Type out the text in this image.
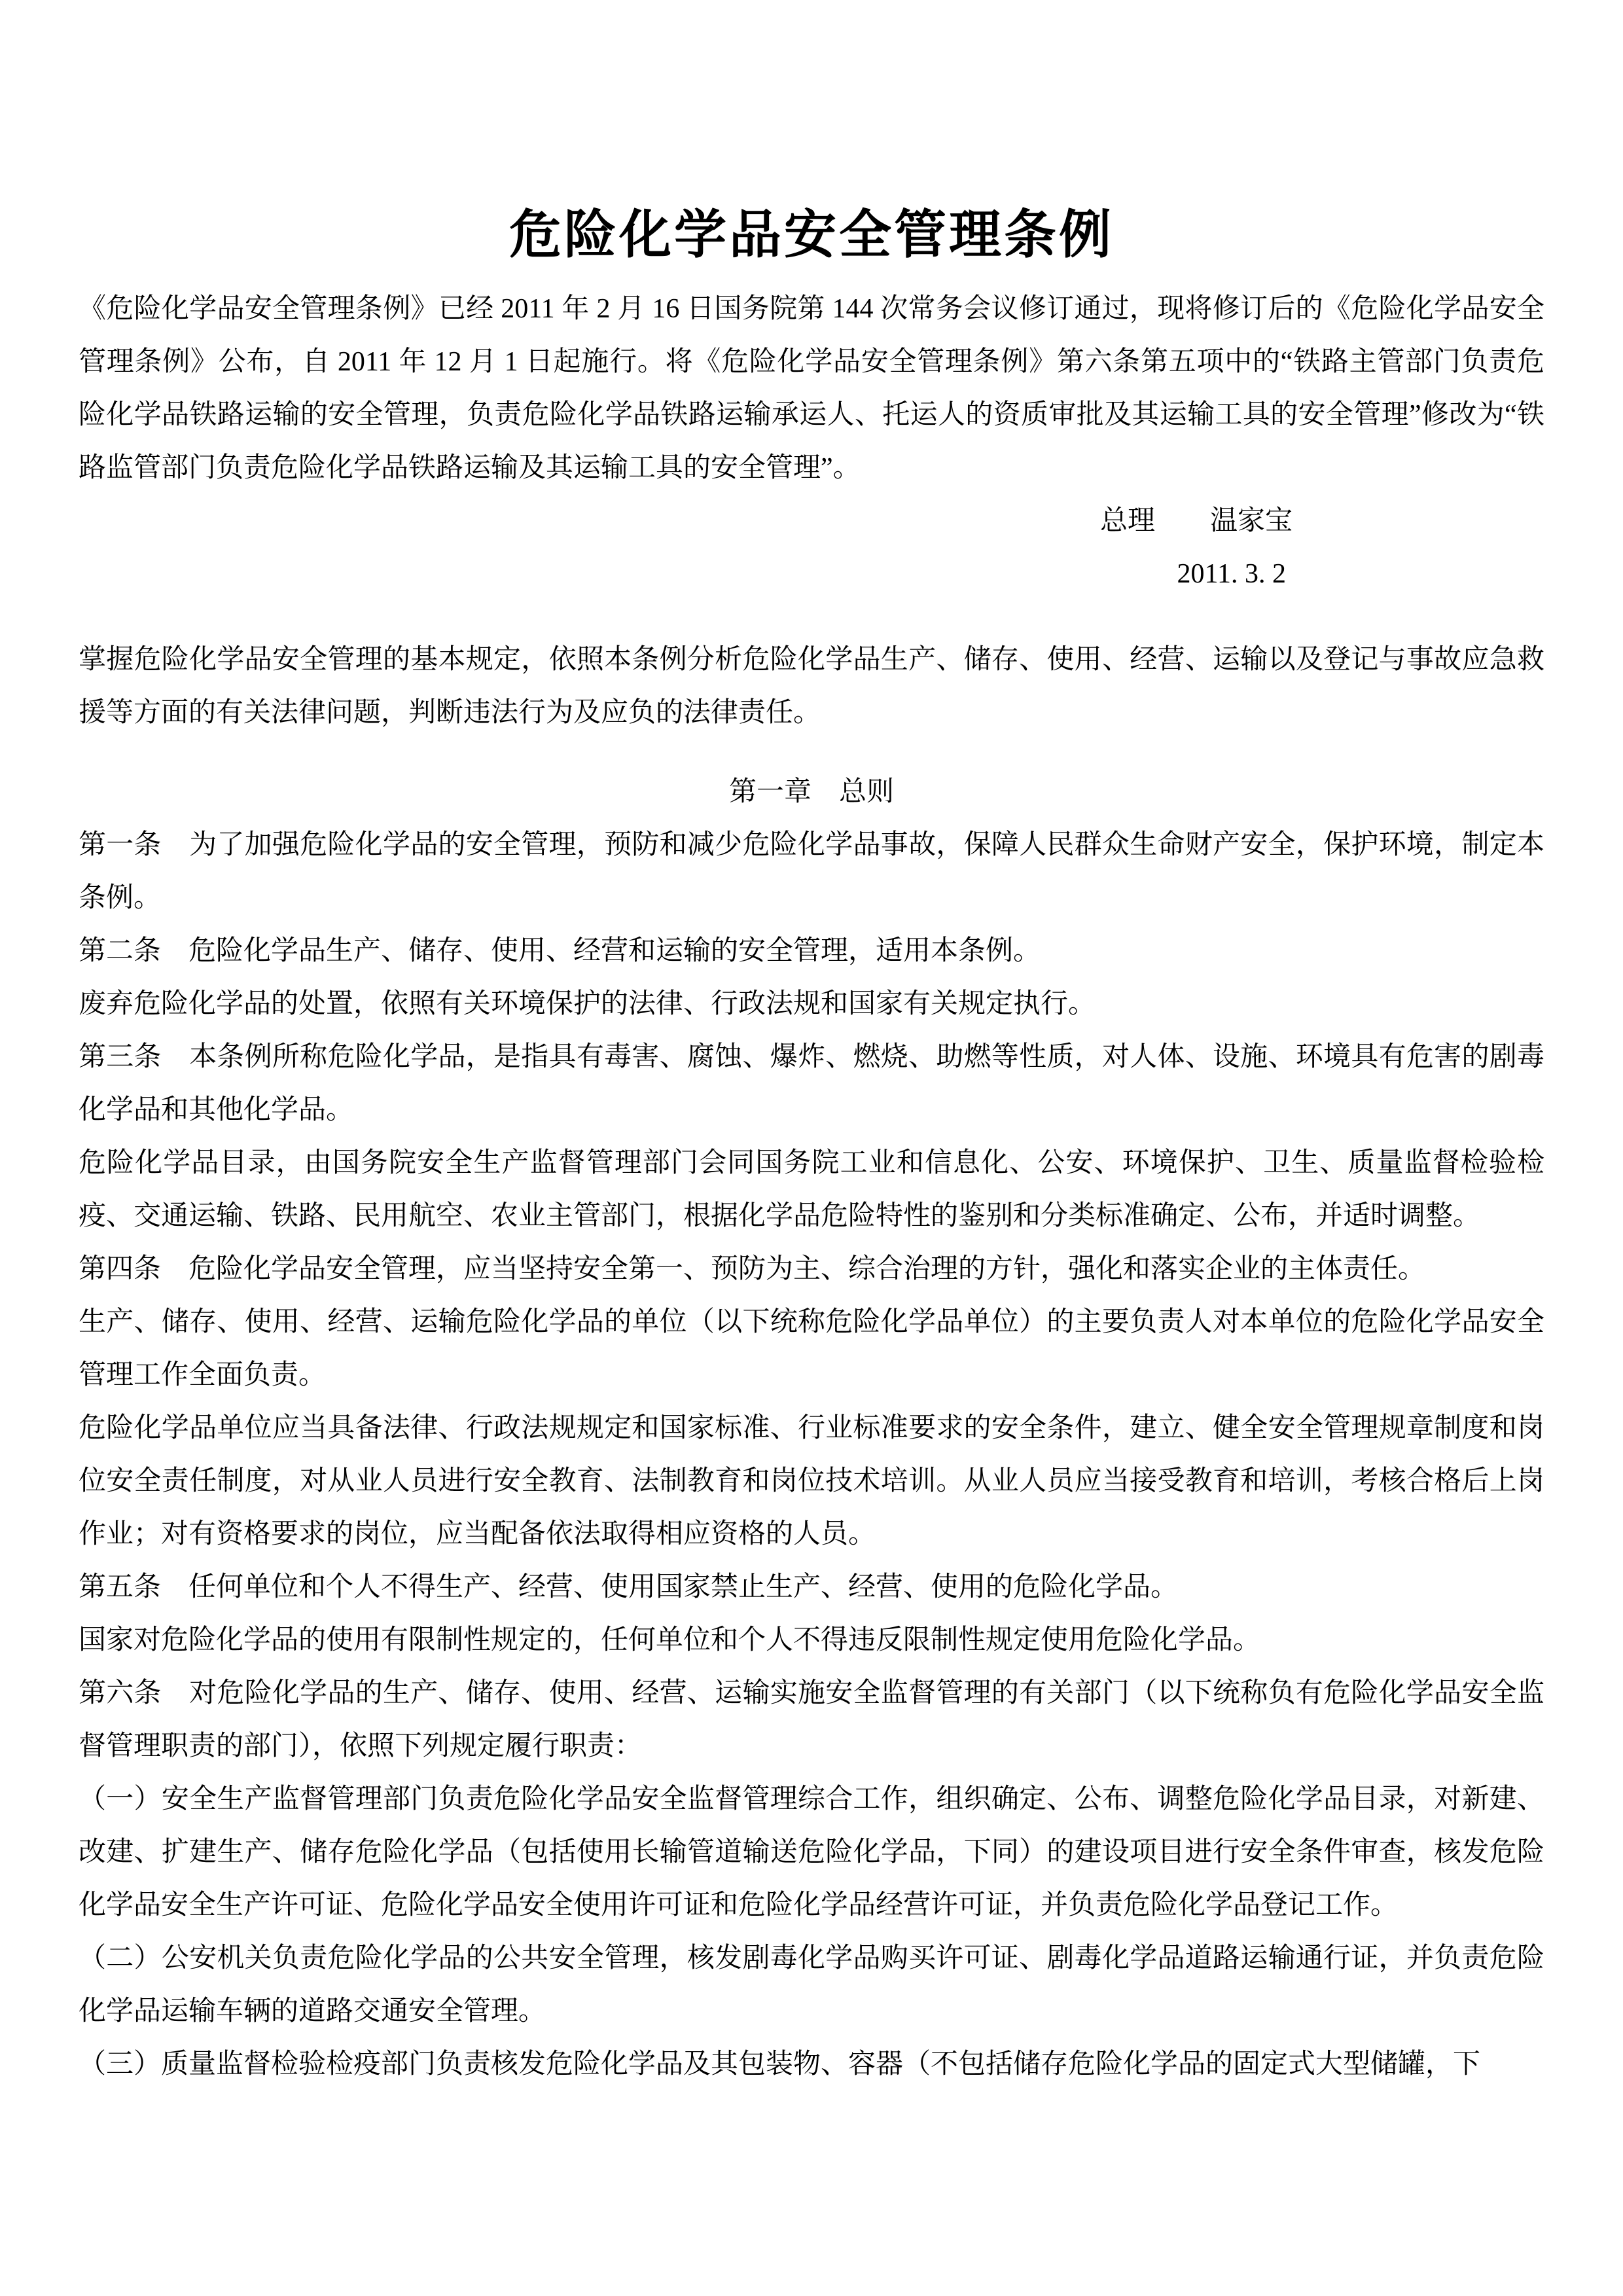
危险化学品安全管理条例

《危险化学品安全管理条例》已经 2011 年 2 月 16 日国务院第 144 次常务会议修订通过，现将修订后的《危险化学品安全管理条例》公布，自 2011 年 12 月 1 日起施行。将《危险化学品安全管理条例》第六条第五项中的“铁路主管部门负责危险化学品铁路运输的安全管理，负责危险化学品铁路运输承运人、托运人的资质审批及其运输工具的安全管理”修改为“铁路监管部门负责危险化学品铁路运输及其运输工具的安全管理”。

总理　　温家宝

2011. 3. 2

掌握危险化学品安全管理的基本规定，依照本条例分析危险化学品生产、储存、使用、经营、运输以及登记与事故应急救援等方面的有关法律问题，判断违法行为及应负的法律责任。

第一章　总则

第一条　为了加强危险化学品的安全管理，预防和减少危险化学品事故，保障人民群众生命财产安全，保护环境，制定本条例。

第二条　危险化学品生产、储存、使用、经营和运输的安全管理，适用本条例。

废弃危险化学品的处置，依照有关环境保护的法律、行政法规和国家有关规定执行。

第三条　本条例所称危险化学品，是指具有毒害、腐蚀、爆炸、燃烧、助燃等性质，对人体、设施、环境具有危害的剧毒化学品和其他化学品。

危险化学品目录，由国务院安全生产监督管理部门会同国务院工业和信息化、公安、环境保护、卫生、质量监督检验检疫、交通运输、铁路、民用航空、农业主管部门，根据化学品危险特性的鉴别和分类标准确定、公布，并适时调整。

第四条　危险化学品安全管理，应当坚持安全第一、预防为主、综合治理的方针，强化和落实企业的主体责任。

生产、储存、使用、经营、运输危险化学品的单位（以下统称危险化学品单位）的主要负责人对本单位的危险化学品安全管理工作全面负责。

危险化学品单位应当具备法律、行政法规规定和国家标准、行业标准要求的安全条件，建立、健全安全管理规章制度和岗位安全责任制度，对从业人员进行安全教育、法制教育和岗位技术培训。从业人员应当接受教育和培训，考核合格后上岗作业；对有资格要求的岗位，应当配备依法取得相应资格的人员。

第五条　任何单位和个人不得生产、经营、使用国家禁止生产、经营、使用的危险化学品。

国家对危险化学品的使用有限制性规定的，任何单位和个人不得违反限制性规定使用危险化学品。

第六条　对危险化学品的生产、储存、使用、经营、运输实施安全监督管理的有关部门（以下统称负有危险化学品安全监督管理职责的部门），依照下列规定履行职责：

（一）安全生产监督管理部门负责危险化学品安全监督管理综合工作，组织确定、公布、调整危险化学品目录，对新建、改建、扩建生产、储存危险化学品（包括使用长输管道输送危险化学品，下同）的建设项目进行安全条件审查，核发危险化学品安全生产许可证、危险化学品安全使用许可证和危险化学品经营许可证，并负责危险化学品登记工作。

（二）公安机关负责危险化学品的公共安全管理，核发剧毒化学品购买许可证、剧毒化学品道路运输通行证，并负责危险化学品运输车辆的道路交通安全管理。

（三）质量监督检验检疫部门负责核发危险化学品及其包装物、容器（不包括储存危险化学品的固定式大型储罐，下
